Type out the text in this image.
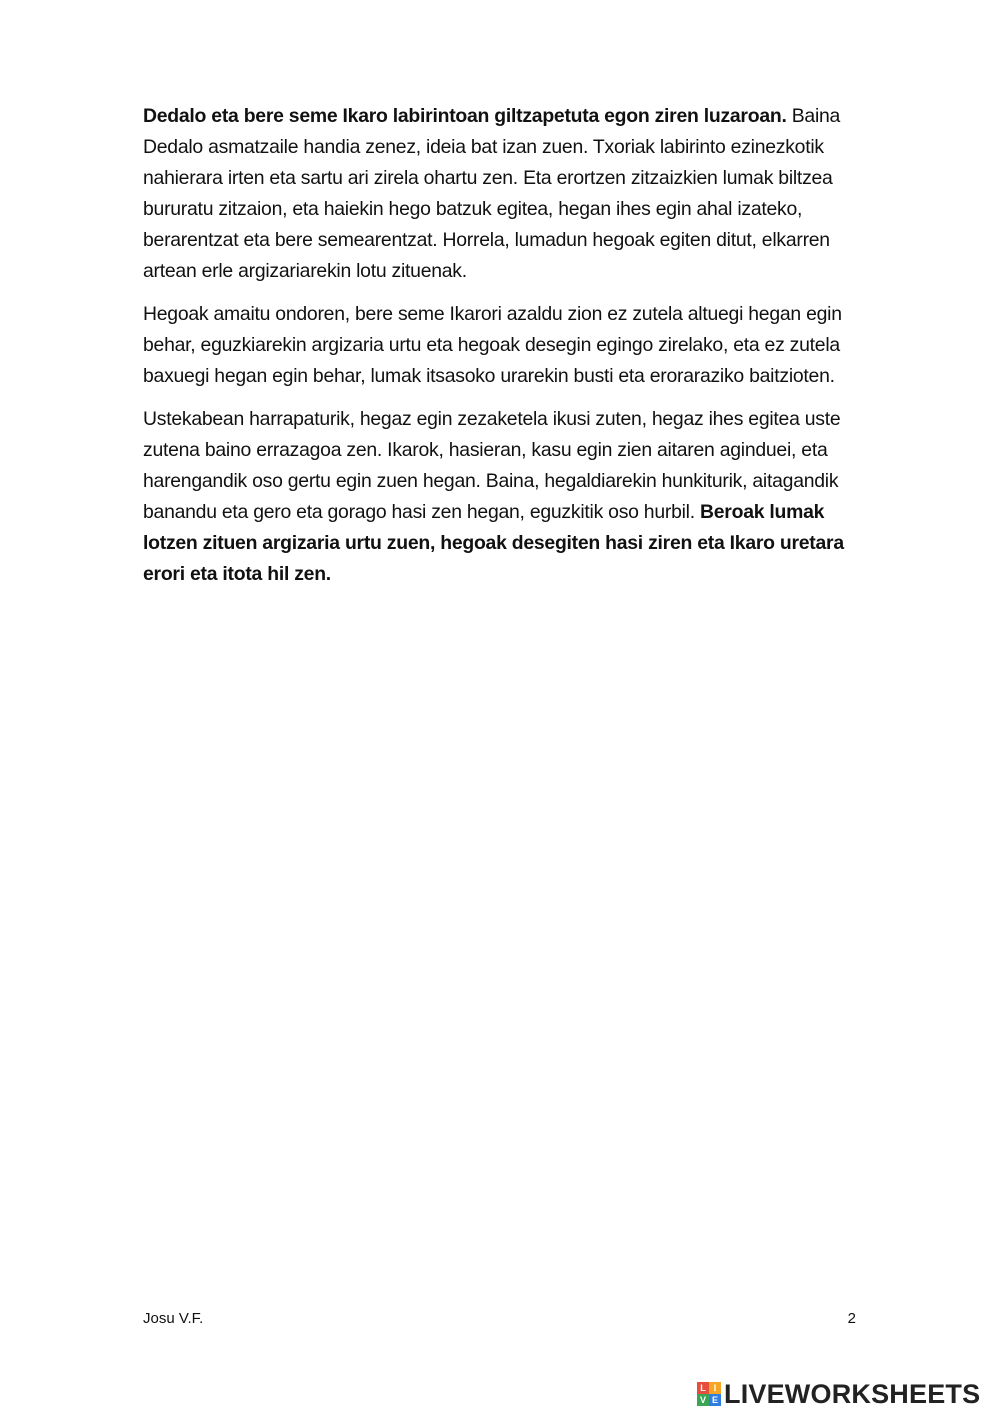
Dedalo eta bere seme Ikaro labirintoan giltzapetuta egon ziren luzaroan. Baina Dedalo asmatzaile handia zenez, ideia bat izan zuen. Txoriak labirinto ezinezkotik nahierara irten eta sartu ari zirela ohartu zen. Eta erortzen zitzaizkien lumak biltzea bururatu zitzaion, eta haiekin hego batzuk egitea, hegan ihes egin ahal izateko, berarentzat eta bere semearentzat. Horrela, lumadun hegoak egiten ditut, elkarren artean erle argizariarekin lotu zituenak.

Hegoak amaitu ondoren, bere seme Ikarori azaldu zion ez zutela altuegi hegan egin behar, eguzkiarekin argizaria urtu eta hegoak desegin egingo zirelako, eta ez zutela baxuegi hegan egin behar, lumak itsasoko urarekin busti eta erorarazikо baitzioten.

Ustekabean harrapaturik, hegaz egin zezaketela ikusi zuten, hegaz ihes egitea uste zutena baino errazagoa zen. Ikarok, hasieran, kasu egin zien aitaren aginduei, eta harengandik oso gertu egin zuen hegan. Baina, hegaldiarekin hunkiturik, aitagandik banandu eta gero eta gorago hasi zen hegan, eguzkitik oso hurbil. Beroak lumak lotzen zituen argizaria urtu zuen, hegoak desegiten hasi ziren eta Ikaro uretara erori eta itota hil zen.

Josu V.F.	2
L I
V E LIVEWORKSHEETS
